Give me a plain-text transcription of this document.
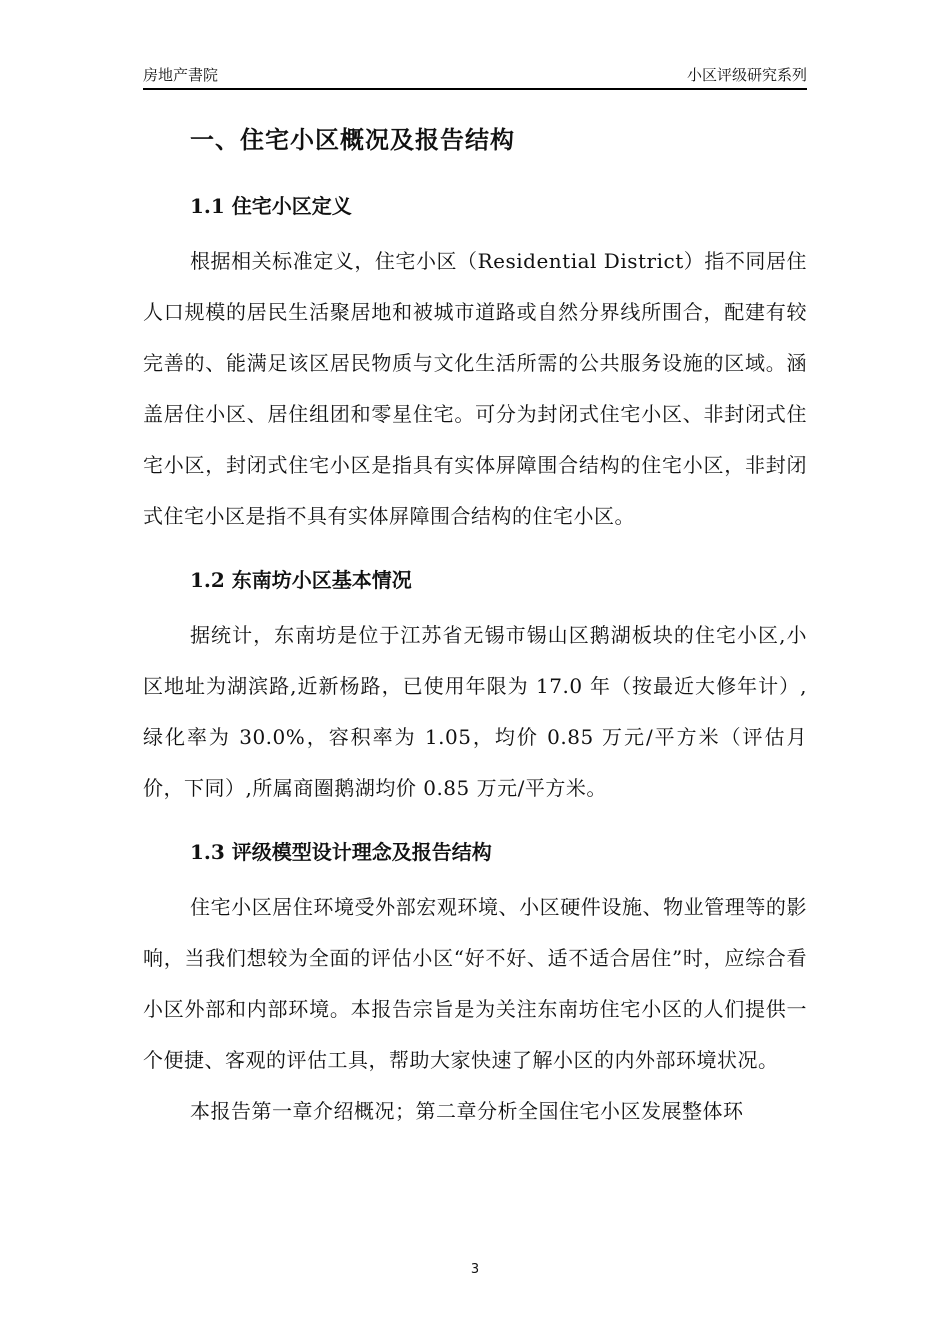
房地产書院	小区评级研究系列
一、住宅小区概况及报告结构
1.1 住宅小区定义

根据相关标准定义，住宅小区（Residential District）指不同居住人口规模的居民生活聚居地和被城市道路或自然分界线所围合，配建有较完善的、能满足该区居民物质与文化生活所需的公共服务设施的区域。涵盖居住小区、居住组团和零星住宅。可分为封闭式住宅小区、非封闭式住宅小区，封闭式住宅小区是指具有实体屏障围合结构的住宅小区，非封闭式住宅小区是指不具有实体屏障围合结构的住宅小区。

1.2 东南坊小区基本情况

据统计，东南坊是位于江苏省无锡市锡山区鹅湖板块的住宅小区,小区地址为湖滨路,近新杨路，已使用年限为 17.0 年（按最近大修年计）,绿化率为 30.0%，容积率为 1.05，均价 0.85 万元/平方米（评估月价，下同）,所属商圈鹅湖均价 0.85 万元/平方米。

1.3 评级模型设计理念及报告结构

住宅小区居住环境受外部宏观环境、小区硬件设施、物业管理等的影响，当我们想较为全面的评估小区“好不好、适不适合居住”时，应综合看小区外部和内部环境。本报告宗旨是为关注东南坊住宅小区的人们提供一个便捷、客观的评估工具，帮助大家快速了解小区的内外部环境状况。

本报告第一章介绍概况；第二章分析全国住宅小区发展整体环

3
